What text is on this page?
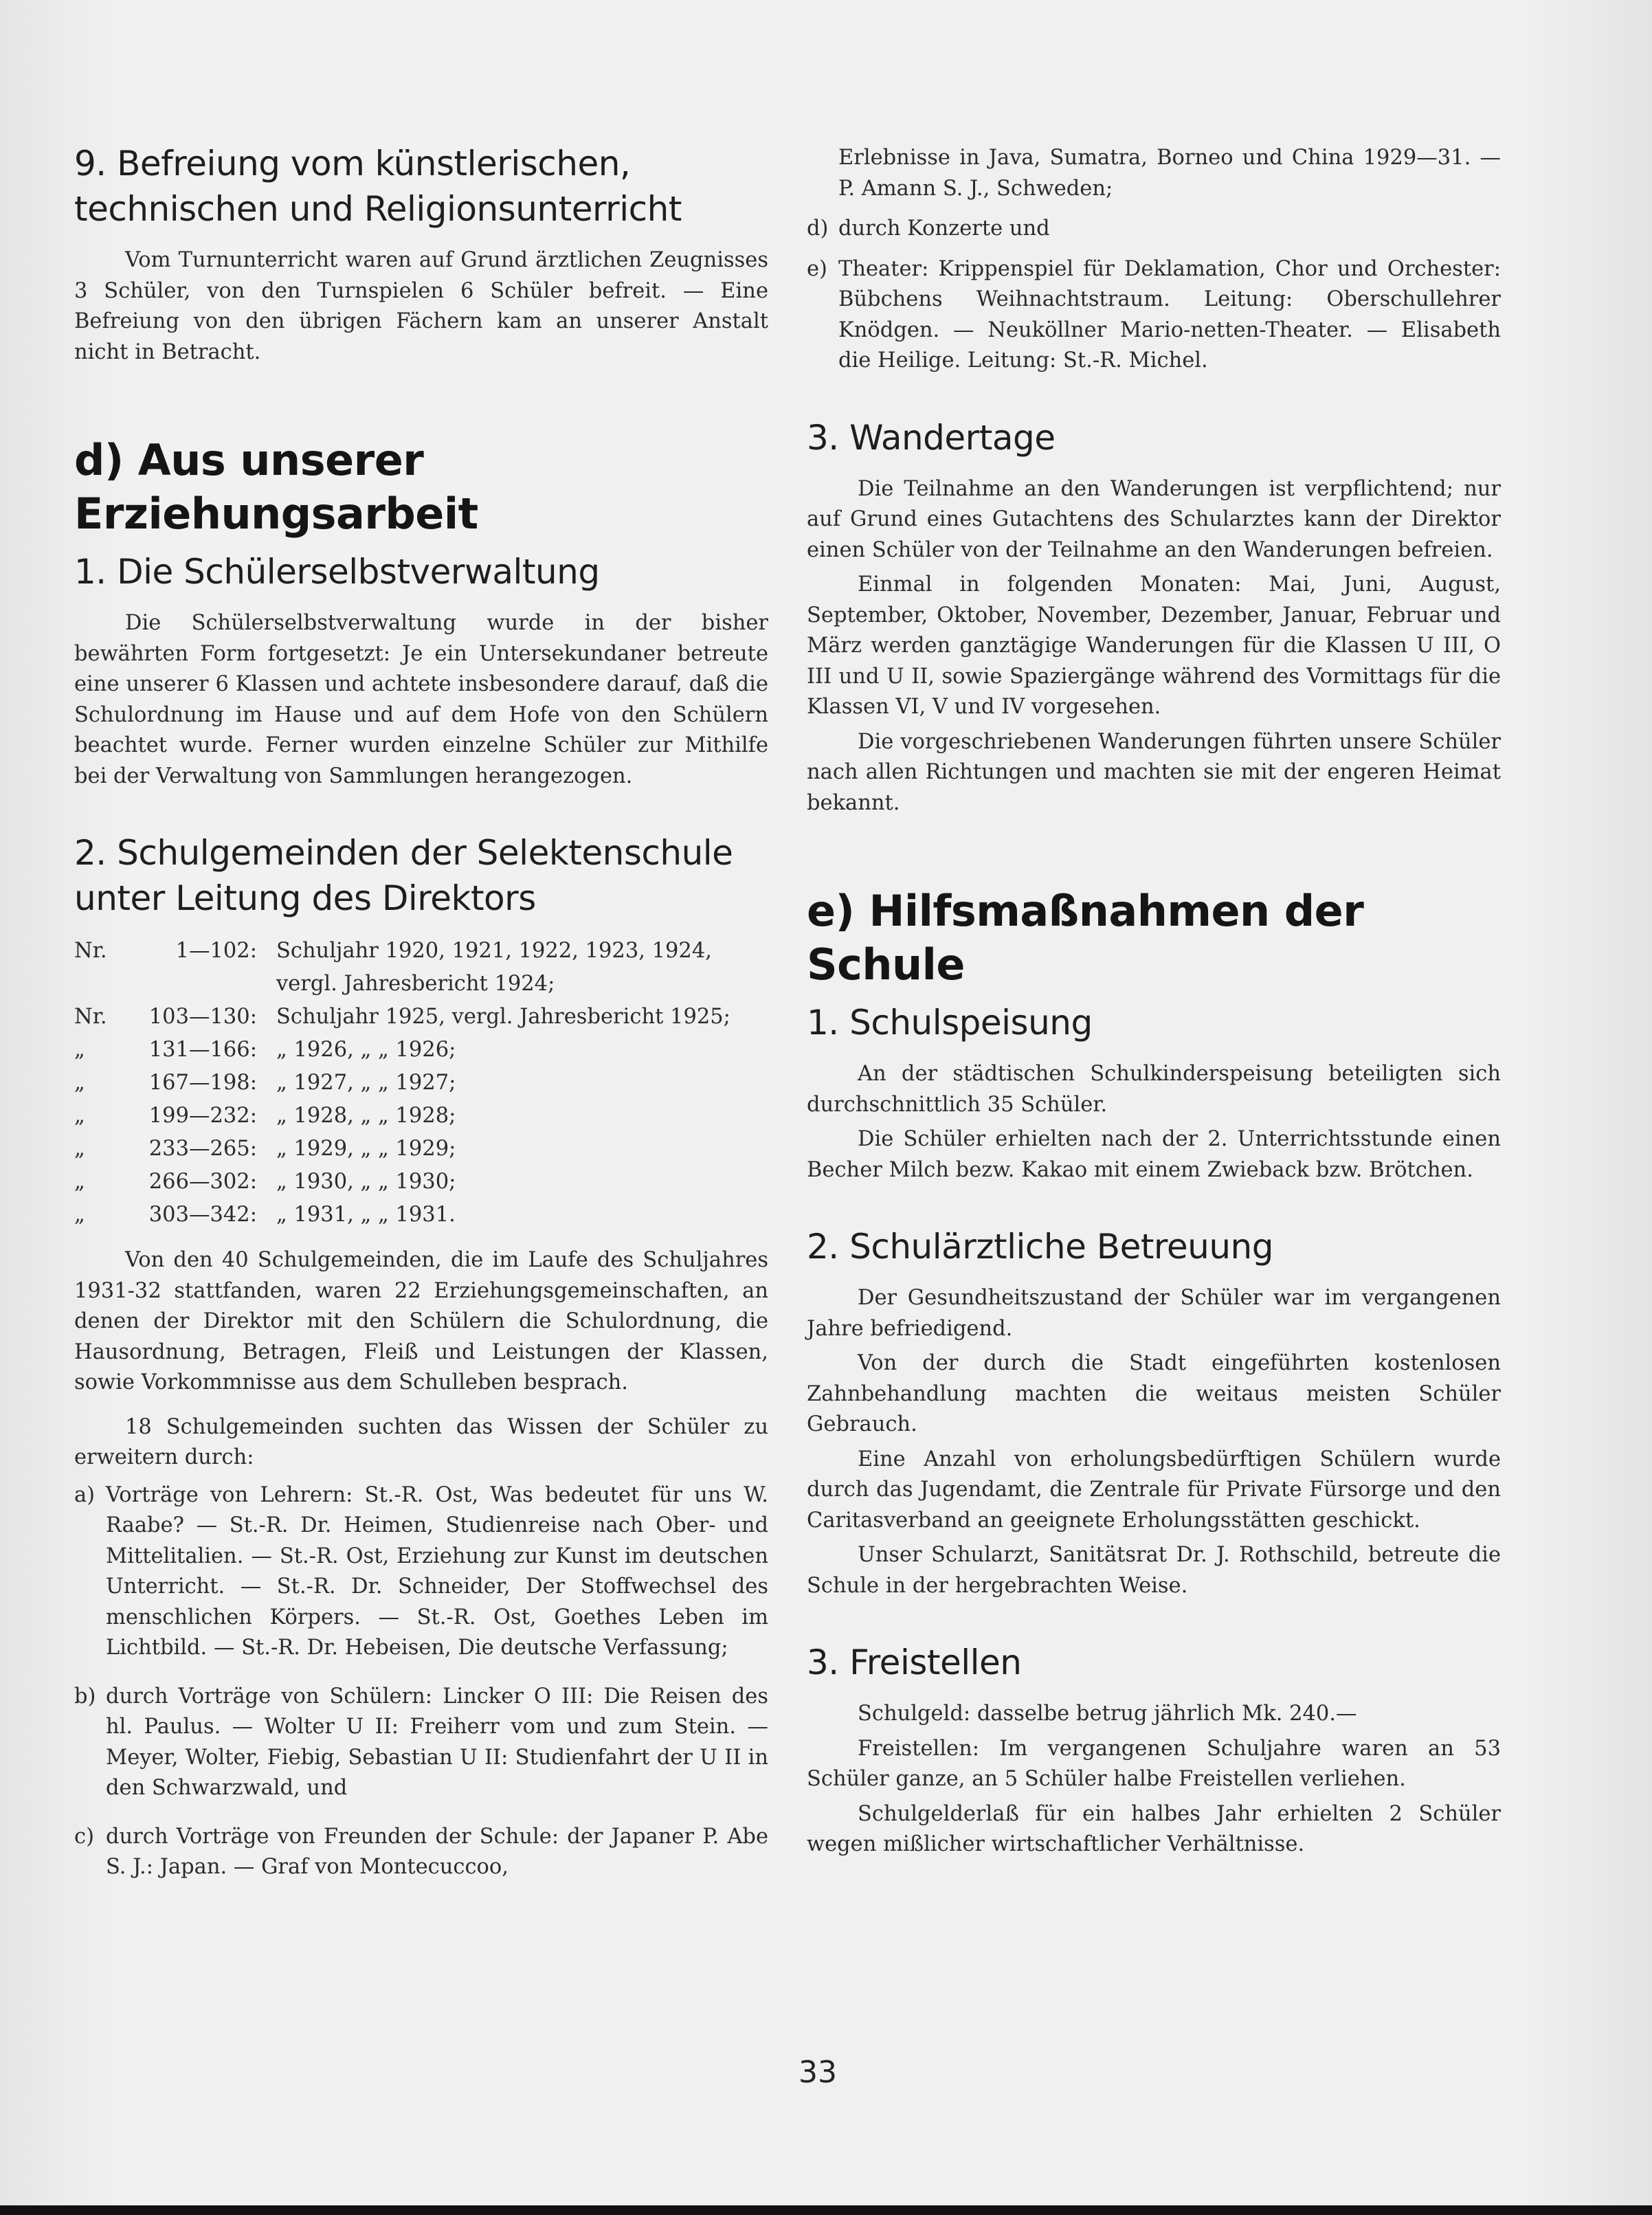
9. Befreiung vom künstlerischen, technischen und Religionsunterricht

Vom Turnunterricht waren auf Grund ärztlichen Zeugnisses 3 Schüler, von den Turnspielen 6 Schüler befreit. — Eine Befreiung von den übrigen Fächern kam an unserer Anstalt nicht in Betracht.

d) Aus unserer Erziehungsarbeit
1. Die Schülerselbstverwaltung

Die Schülerselbstverwaltung wurde in der bisher bewährten Form fortgesetzt: Je ein Untersekundaner betreute eine unserer 6 Klassen und achtete insbesondere darauf, daß die Schulordnung im Hause und auf dem Hofe von den Schülern beachtet wurde. Ferner wurden einzelne Schüler zur Mithilfe bei der Verwaltung von Sammlungen herangezogen.

2. Schulgemeinden der Selektenschule unter Leitung des Direktors
Nr.	1—102:	Schuljahr 1920, 1921, 1922, 1923, 1924,
		vergl. Jahresbericht 1924;
Nr.	103—130:	Schuljahr 1925, vergl. Jahresbericht 1925;
„	131—166:	„ 1926, „ „ 1926;
„	167—198:	„ 1927, „ „ 1927;
„	199—232:	„ 1928, „ „ 1928;
„	233—265:	„ 1929, „ „ 1929;
„	266—302:	„ 1930, „ „ 1930;
„	303—342:	„ 1931, „ „ 1931.

Von den 40 Schulgemeinden, die im Laufe des Schuljahres 1931-32 stattfanden, waren 22 Erziehungsgemeinschaften, an denen der Direktor mit den Schülern die Schulordnung, die Hausordnung, Betragen, Fleiß und Leistungen der Klassen, sowie Vorkommnisse aus dem Schulleben besprach.

18 Schulgemeinden suchten das Wissen der Schüler zu erweitern durch:

a) Vorträge von Lehrern: St.-R. Ost, Was bedeutet für uns W. Raabe? — St.-R. Dr. Heimen, Studienreise nach Ober- und Mittelitalien. — St.-R. Ost, Erziehung zur Kunst im deutschen Unterricht. — St.-R. Dr. Schneider, Der Stoffwechsel des menschlichen Körpers. — St.-R. Ost, Goethes Leben im Lichtbild. — St.-R. Dr. Hebeisen, Die deutsche Verfassung;
b) durch Vorträge von Schülern: Lincker O III: Die Reisen des hl. Paulus. — Wolter U II: Freiherr vom und zum Stein. — Meyer, Wolter, Fiebig, Sebastian U II: Studienfahrt der U II in den Schwarzwald, und
c) durch Vorträge von Freunden der Schule: der Japaner P. Abe S. J.: Japan. — Graf von Montecuccoo,
Erlebnisse in Java, Sumatra, Borneo und China 1929—31. — P. Amann S. J., Schweden;
d) durch Konzerte und
e) Theater: Krippenspiel für Deklamation, Chor und Orchester: Bübchens Weihnachtstraum. Leitung: Oberschullehrer Knödgen. — Neuköllner Mario-netten-Theater. — Elisabeth die Heilige. Leitung: St.-R. Michel.
3. Wandertage

Die Teilnahme an den Wanderungen ist verpflichtend; nur auf Grund eines Gutachtens des Schularztes kann der Direktor einen Schüler von der Teilnahme an den Wanderungen befreien.

Einmal in folgenden Monaten: Mai, Juni, August, September, Oktober, November, Dezember, Januar, Februar und März werden ganztägige Wanderungen für die Klassen U III, O III und U II, sowie Spaziergänge während des Vormittags für die Klassen VI, V und IV vorgesehen.

Die vorgeschriebenen Wanderungen führten unsere Schüler nach allen Richtungen und machten sie mit der engeren Heimat bekannt.

e) Hilfsmaßnahmen der Schule
1. Schulspeisung

An der städtischen Schulkinderspeisung beteiligten sich durchschnittlich 35 Schüler.

Die Schüler erhielten nach der 2. Unterrichtsstunde einen Becher Milch bezw. Kakao mit einem Zwieback bzw. Brötchen.

2. Schulärztliche Betreuung

Der Gesundheitszustand der Schüler war im vergangenen Jahre befriedigend.

Von der durch die Stadt eingeführten kostenlosen Zahnbehandlung machten die weitaus meisten Schüler Gebrauch.

Eine Anzahl von erholungsbedürftigen Schülern wurde durch das Jugendamt, die Zentrale für Private Fürsorge und den Caritasverband an geeignete Erholungsstätten geschickt.

Unser Schularzt, Sanitätsrat Dr. J. Rothschild, betreute die Schule in der hergebrachten Weise.

3. Freistellen

Schulgeld: dasselbe betrug jährlich Mk. 240.—

Freistellen: Im vergangenen Schuljahre waren an 53 Schüler ganze, an 5 Schüler halbe Freistellen verliehen.

Schulgelderlaß für ein halbes Jahr erhielten 2 Schüler wegen mißlicher wirtschaftlicher Verhältnisse.

33
